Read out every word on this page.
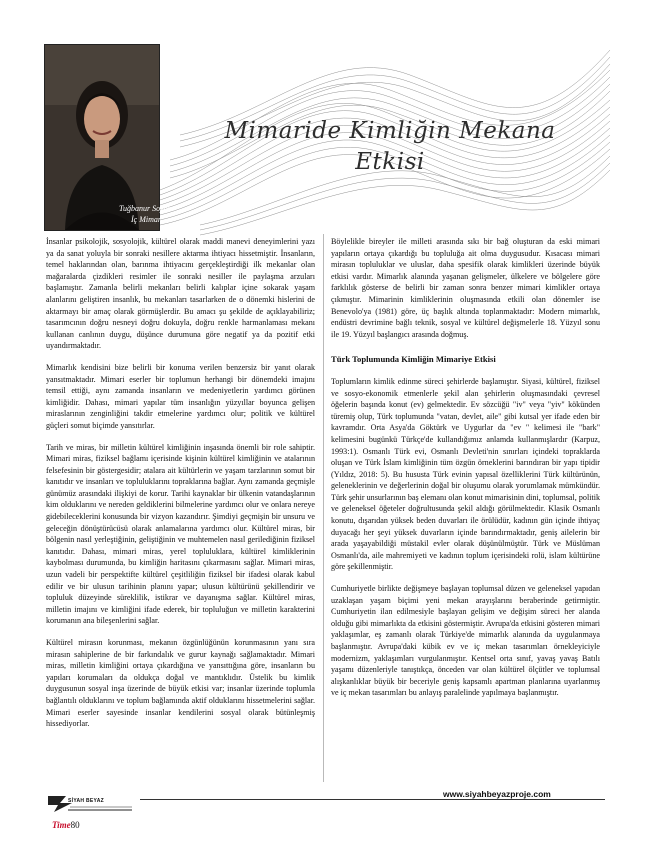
Tuğbanur Soydır
İç Mimar
Mimaride Kimliğin Mekana
Etkisi

İnsanlar psikolojik, sosyolojik, kültürel olarak maddi manevi deneyimlerini yazı ya da sanat yoluyla bir sonraki nesillere aktarma ihtiyacı hissetmiştir. İnsanların, temel haklarından olan, barınma ihtiyacını gerçekleştirdiği ilk mekanlar olan mağaralarda çizdikleri resimler ile sonraki nesiller ile paylaşma arzuları başlamıştır. Zamanla belirli mekanları belirli kalıplar içine sokarak yaşam alanlarını geliştiren insanlık, bu mekanları tasarlarken de o dönemki hislerini de aktarmayı bir amaç olarak görmüşlerdir. Bu amacı şu şekilde de açıklayabiliriz; tasarımcının doğru nesneyi doğru dokuyla, doğru renkle harmanlaması mekanı kullanan canlının duygu, düşünce durumuna göre negatif ya da pozitif etki uyandırmaktadır.

Mimarlık kendisini bize belirli bir konuma verilen benzersiz bir yanıt olarak yansıtmaktadır. Mimari eserler bir toplumun herhangi bir dönemdeki imajını temsil ettiği, aynı zamanda insanların ve medeniyetlerin yardımcı görünen kimliğidir. Dahası, mimari yapılar tüm insanlığın yüzyıllar boyunca gelişen miraslarının zenginliğini takdir etmelerine yardımcı olur; politik ve kültürel güçleri somut biçimde yansıtırlar.

Tarih ve miras, bir milletin kültürel kimliğinin inşasında önemli bir role sahiptir. Mimari miras, fiziksel bağlamı içerisinde kişinin kültürel kimliğinin ve atalarının felsefesinin bir göstergesidir; atalara ait kültürlerin ve yaşam tarzlarının somut bir kanıtıdır ve insanları ve topluluklarını topraklarına bağlar. Aynı zamanda geçmişle günümüz arasındaki ilişkiyi de korur. Tarihi kaynaklar bir ülkenin vatandaşlarının kim olduklarını ve nereden geldiklerini bilmelerine yardımcı olur ve onlara nereye gidebileceklerini konusunda bir vizyon kazandırır. Şimdiyi geçmişin bir unsuru ve geleceğin dönüştürücüsü olarak anlamalarına yardımcı olur. Kültürel miras, bir bölgenin nasıl yerleştiğinin, geliştiğinin ve muhtemelen nasıl gerilediğinin fiziksel kanıtıdır. Dahası, mimari miras, yerel topluluklara, kültürel kimliklerinin kaybolması durumunda, bu kimliğin haritasını çıkarmasını sağlar. Mimari miras, uzun vadeli bir perspektifte kültürel çeşitliliğin fiziksel bir ifadesi olarak kabul edilir ve bir ulusun tarihinin planını yapar; ulusun kültürünü şekillendirir ve topluluk düzeyinde süreklilik, istikrar ve dayanışma sağlar. Kültürel miras, milletin imajını ve kimliğini ifade ederek, bir topluluğun ve milletin karakterini korumanın ana bileşenlerini sağlar.

Kültürel mirasın korunması, mekanın özgünlüğünün korunmasının yanı sıra mirasın sahiplerine de bir farkındalık ve gurur kaynağı sağlamaktadır. Mimari miras, milletin kimliğini ortaya çıkardığına ve yansıttığına göre, insanların bu yapıları korumaları da oldukça doğal ve mantıklıdır. Üstelik bu kimlik duygusunun sosyal inşa üzerinde de büyük etkisi var; insanlar üzerinde toplumla bağlantılı olduklarını ve toplum bağlamında aktif olduklarını hissetmelerini sağlar. Mimari eserler sayesinde insanlar kendilerini sosyal olarak bütünleşmiş hissediyorlar.

Böylelikle bireyler ile milleti arasında sıkı bir bağ oluşturan da eski mimari yapıların ortaya çıkardığı bu topluluğa ait olma duygusudur. Kısacası mimari mirasın topluluklar ve uluslar, daha spesifik olarak kimlikleri üzerinde büyük etkisi vardır. Mimarlık alanında yaşanan gelişmeler, ülkelere ve bölgelere göre farklılık gösterse de belirli bir zaman sonra benzer mimari kimlikler ortaya çıkmıştır. Mimarinin kimliklerinin oluşmasında etkili olan dönemler ise Benevolo'ya (1981) göre, üç başlık altında toplanmaktadır: Modern mimarlık, endüstri devrimine bağlı teknik, sosyal ve kültürel değişmelerle 18. Yüzyıl sonu ile 19. Yüzyıl başlangıcı arasında doğmuş.

Türk Toplumunda Kimliğin Mimariye Etkisi

Toplumların kimlik edinme süreci şehirlerde başlamıştır. Siyasi, kültürel, fiziksel ve sosyo-ekonomik etmenlerle şekil alan şehirlerin oluşmasındaki çevresel öğelerin başında konut (ev) gelmektedir. Ev sözcüğü "iv" veya "yiv" kökünden türemiş olup, Türk toplumunda "vatan, devlet, aile" gibi kutsal yer ifade eden bir kavramdır. Orta Asya'da Göktürk ve Uygurlar da "ev " kelimesi ile "bark" kelimesini bugünkü Türkçe'de kullandığımız anlamda kullanmışlardır (Karpuz, 1993:1). Osmanlı Türk evi, Osmanlı Devleti'nin sınırları içindeki topraklarda oluşan ve Türk İslam kimliğinin tüm özgün örneklerini barındıran bir yapı tipidir (Yıldız, 2018: 5). Bu hususta Türk evinin yapısal özelliklerini Türk kültürünün, geleneklerinin ve değerlerinin doğal bir oluşumu olarak yorumlamak mümkündür. Türk şehir unsurlarının baş elemanı olan konut mimarisinin dini, toplumsal, politik ve geleneksel öğeteler doğrultusunda şekil aldığı görülmektedir. Klasik Osmanlı konutu, dışarıdan yüksek beden duvarları ile örülüdür, kadının gün içinde ihtiyaç duyacağı her şeyi yüksek duvarların içinde barındırmaktadır, geniş ailelerin bir arada yaşayabildiği müstakil evler olarak düşünülmüştür. Türk ve Müslüman Osmanlı'da, aile mahremiyeti ve kadının toplum içerisindeki rolü, islam kültürüne göre şekillenmiştir.

Cumhuriyetle birlikte değişmeye başlayan toplumsal düzen ve geleneksel yapıdan uzaklaşan yaşam biçimi yeni mekan arayışlarını beraberinde getirmiştir. Cumhuriyetin ilan edilmesiyle başlayan gelişim ve değişim süreci her alanda olduğu gibi mimarlıkta da etkisini göstermiştir. Avrupa'da etkisini gösteren mimari yaklaşımlar, eş zamanlı olarak Türkiye'de mimarlık alanında da uygulanmaya başlanmıştır. Avrupa'daki kübik ev ve iç mekan tasarımları örnekleyiciyle modernizm, yaklaşımları vurgulanmıştır. Kentsel orta sınıf, yavaş yavaş Batılı yaşamı düzenleriyle tanıştıkça, önceden var olan kültürel ölçütler ve toplumsal alışkanlıklar büyük bir beceriyle geniş kapsamlı apartman planlarına uyarlanmış ve iç mekan tasarımları bu anlayış paralelinde yapılmaya başlanmıştır.

SİYAH BEYAZ
www.siyahbeyazproje.com
Time80
